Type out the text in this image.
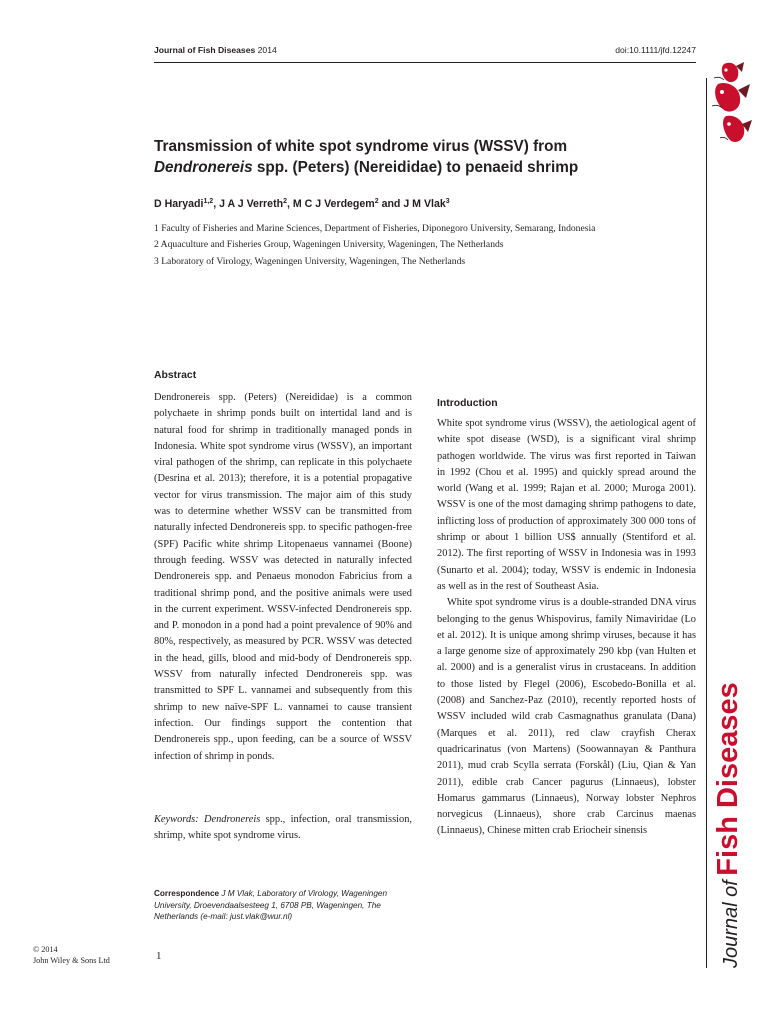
Journal of Fish Diseases 2014	doi:10.1111/jfd.12247
Transmission of white spot syndrome virus (WSSV) from
Dendronereis spp. (Peters) (Nereididae) to penaeid shrimp
D Haryadi$^{1,2}$, J A J Verreth$^2$, M C J Verdegem$^2$ and J M Vlak$^3$
1 Faculty of Fisheries and Marine Sciences, Department of Fisheries, Diponegoro University, Semarang, Indonesia
2 Aquaculture and Fisheries Group, Wageningen University, Wageningen, The Netherlands
3 Laboratory of Virology, Wageningen University, Wageningen, The Netherlands
Abstract

Dendronereis spp. (Peters) (Nereididae) is a common polychaete in shrimp ponds built on intertidal land and is natural food for shrimp in traditionally managed ponds in Indonesia. White spot syndrome virus (WSSV), an important viral pathogen of the shrimp, can replicate in this polychaete (Desrina et al. 2013); therefore, it is a potential propagative vector for virus transmission. The major aim of this study was to determine whether WSSV can be transmitted from naturally infected Dendronereis spp. to specific pathogen-free (SPF) Pacific white shrimp Litopenaeus vannamei (Boone) through feeding. WSSV was detected in naturally infected Dendronereis spp. and Penaeus monodon Fabricius from a traditional shrimp pond, and the positive animals were used in the current experiment. WSSV-infected Dendronereis spp. and P. monodon in a pond had a point prevalence of 90% and 80%, respectively, as measured by PCR. WSSV was detected in the head, gills, blood and mid-body of Dendronereis spp. WSSV from naturally infected Dendronereis spp. was transmitted to SPF L. vannamei and subsequently from this shrimp to new naïve-SPF L. vannamei to cause transient infection. Our findings support the contention that Dendronereis spp., upon feeding, can be a source of WSSV infection of shrimp in ponds.

Keywords: Dendronereis spp., infection, oral transmission, shrimp, white spot syndrome virus.
Correspondence J M Vlak, Laboratory of Virology, Wageningen University, Droevendaalsesteeg 1, 6708 PB, Wageningen, The Netherlands (e-mail: just.vlak@wur.nl)
Introduction

White spot syndrome virus (WSSV), the aetiological agent of white spot disease (WSD), is a significant viral shrimp pathogen worldwide. The virus was first reported in Taiwan in 1992 (Chou et al. 1995) and quickly spread around the world (Wang et al. 1999; Rajan et al. 2000; Muroga 2001). WSSV is one of the most damaging shrimp pathogens to date, inflicting loss of production of approximately 300 000 tons of shrimp or about 1 billion US$ annually (Stentiford et al. 2012). The first reporting of WSSV in Indonesia was in 1993 (Sunarto et al. 2004); today, WSSV is endemic in Indonesia as well as in the rest of Southeast Asia.

White spot syndrome virus is a double-stranded DNA virus belonging to the genus Whispovirus, family Nimaviridae (Lo et al. 2012). It is unique among shrimp viruses, because it has a large genome size of approximately 290 kbp (van Hulten et al. 2000) and is a generalist virus in crustaceans. In addition to those listed by Flegel (2006), Escobedo-Bonilla et al. (2008) and Sanchez-Paz (2010), recently reported hosts of WSSV included wild crab Casmagnathus granulata (Dana) (Marques et al. 2011), red claw crayfish Cherax quadricarinatus (von Martens) (Soowannayan & Panthura 2011), mud crab Scylla serrata (Forskål) (Liu, Qian & Yan 2011), edible crab Cancer pagurus (Linnaeus), lobster Homarus gammarus (Linnaeus), Norway lobster Nephros norvegicus (Linnaeus), shore crab Carcinus maenas (Linnaeus), Chinese mitten crab Eriocheir sinensis

© 2014
John Wiley & Sons Ltd	1	Journal of Fish Diseases
